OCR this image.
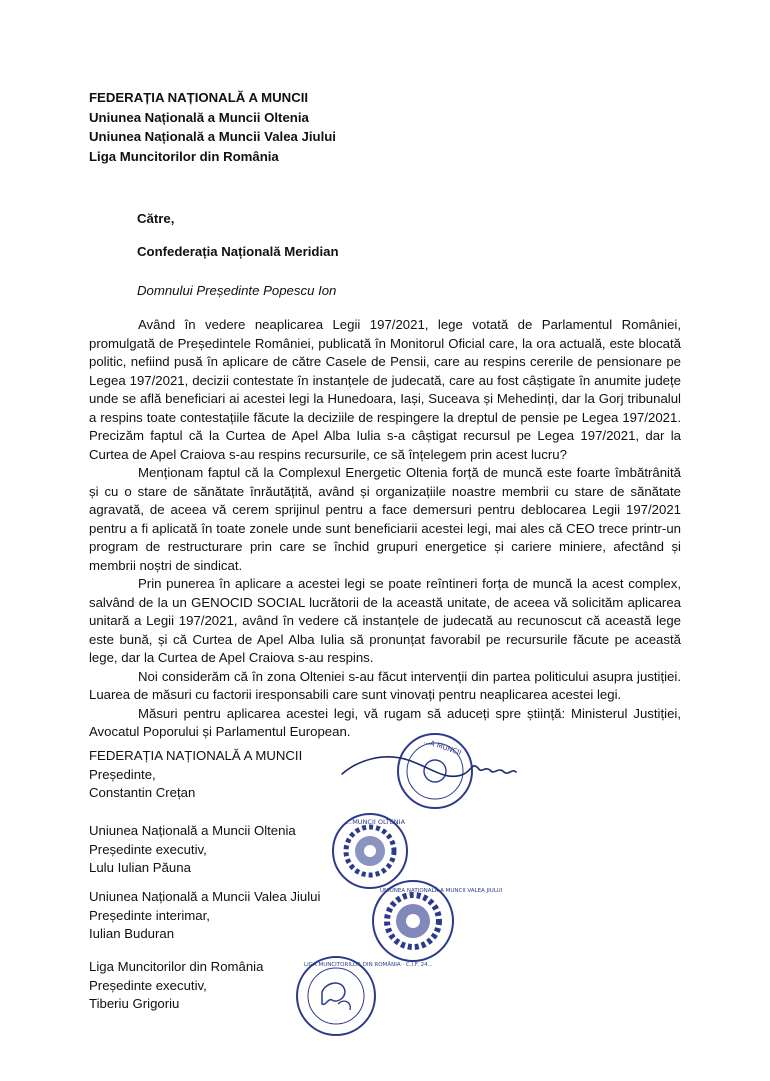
FEDERAȚIA NAȚIONALĂ A MUNCII
Uniunea Națională a Muncii Oltenia
Uniunea Națională a Muncii Valea Jiului
Liga Muncitorilor din România
Către,
Confederația Națională Meridian
Domnului Președinte Popescu Ion

Având în vedere neaplicarea Legii 197/2021, lege votată de Parlamentul României, promulgată de Președintele României, publicată în Monitorul Oficial care, la ora actuală, este blocată politic, nefiind pusă în aplicare de către Casele de Pensii, care au respins cererile de pensionare pe Legea 197/2021, decizii contestate în instanțele de judecată, care au fost câștigate în anumite județe unde se află beneficiari ai acestei legi la Hunedoara, Iași, Suceava și Mehedinți, dar la Gorj tribunalul a respins toate contestațiile făcute la deciziile de respingere la dreptul de pensie pe Legea 197/2021. Precizăm faptul că la Curtea de Apel Alba Iulia s-a câștigat recursul pe Legea 197/2021, dar la Curtea de Apel Craiova s-au respins recursurile, ce să înțelegem prin acest lucru?

Menționam faptul că la Complexul Energetic Oltenia forță de muncă este foarte îmbătrânită și cu o stare de sănătate înrăutățită, având și organizațiile noastre membrii cu stare de sănătate agravată, de aceea vă cerem sprijinul pentru a face demersuri pentru deblocarea Legii 197/2021 pentru a fi aplicată în toate zonele unde sunt beneficiarii acestei legi, mai ales că CEO trece printr-un program de restructurare prin care se închid grupuri energetice și cariere miniere, afectând și membrii noștri de sindicat.

Prin punerea în aplicare a acestei legi se poate reîntineri forța de muncă la acest complex, salvând de la un GENOCID SOCIAL lucrătorii de la această unitate, de aceea vă solicităm aplicarea unitară a Legii 197/2021, având în vedere că instanțele de judecată au recunoscut că această lege este bună, și că Curtea de Apel Alba Iulia să pronunțat favorabil pe recursurile făcute pe această lege, dar la Curtea de Apel Craiova s-au respins.

Noi considerăm că în zona Olteniei s-au făcut intervenții din partea politicului asupra justiției. Luarea de măsuri cu factorii iresponsabili care sunt vinovați pentru neaplicarea acestei legi.

Măsuri pentru aplicarea acestei legi, vă rugam să aduceți spre știință: Ministerul Justiției, Avocatul Poporului și Parlamentul European.

FEDERAȚIA NAȚIONALĂ A MUNCII
Președinte,
Constantin Crețan
Uniunea Națională a Muncii Oltenia
Președinte executiv,
Lulu Iulian Păuna
Uniunea Națională a Muncii Valea Jiului
Președinte interimar,
Iulian Buduran
Liga Muncitorilor din România
Președinte executiv,
Tiberiu Grigoriu
...A MUNCII
...MUNCII OLTENIA
UNIUNEA NAȚIONALĂ A MUNCII VALEA JIULUI
LIGA MUNCITORILOR DIN ROMÂNIA · C.I.F. 24...
